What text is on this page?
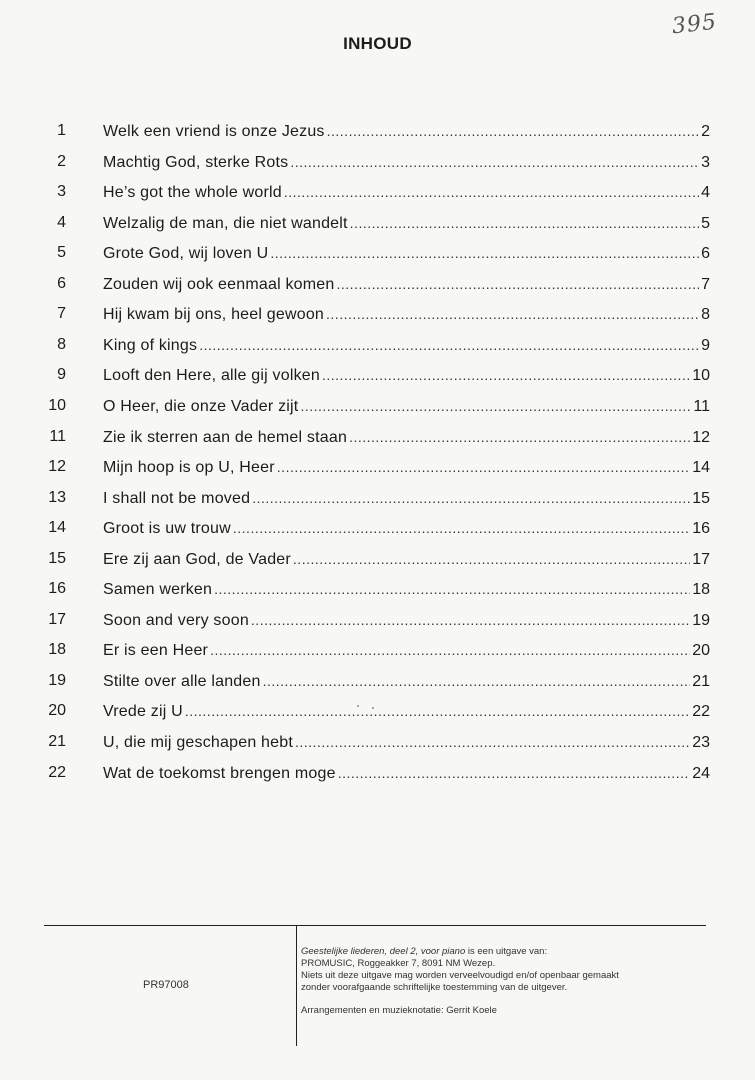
395
INHOUD
1 Welk een vriend is onze Jezus .....	2
2 Machtig God, sterke Rots .....	3
3 He’s got the whole world .....	4
4 Welzalig de man, die niet wandelt .....	5
5 Grote God, wij loven U .....	6
6 Zouden wij ook eenmaal komen .....	7
7 Hij kwam bij ons, heel gewoon .....	8
8 King of kings .....	9
9 Looft den Here, alle gij volken .....	10
10 O Heer, die onze Vader zijt .....	11
11 Zie ik sterren aan de hemel staan .....	12
12 Mijn hoop is op U, Heer .....	14
13 I shall not be moved .....	15
14 Groot is uw trouw .....	16
15 Ere zij aan God, de Vader .....	17
16 Samen werken .....	18
17 Soon and very soon .....	19
18 Er is een Heer .....	20
19 Stilte over alle landen .....	21
20 Vrede zij U .....	22
21 U, die mij geschapen hebt .....	23
22 Wat de toekomst brengen moge .....	24
PR97008

Geestelijke liederen, deel 2, voor piano is een uitgave van:

PROMUSIC, Roggeakker 7, 8091 NM Wezep.

Niets uit deze uitgave mag worden verveelvoudigd en/of openbaar gemaakt

zonder voorafgaande schriftelijke toestemming van de uitgever.

Arrangementen en muzieknotatie: Gerrit Koele
